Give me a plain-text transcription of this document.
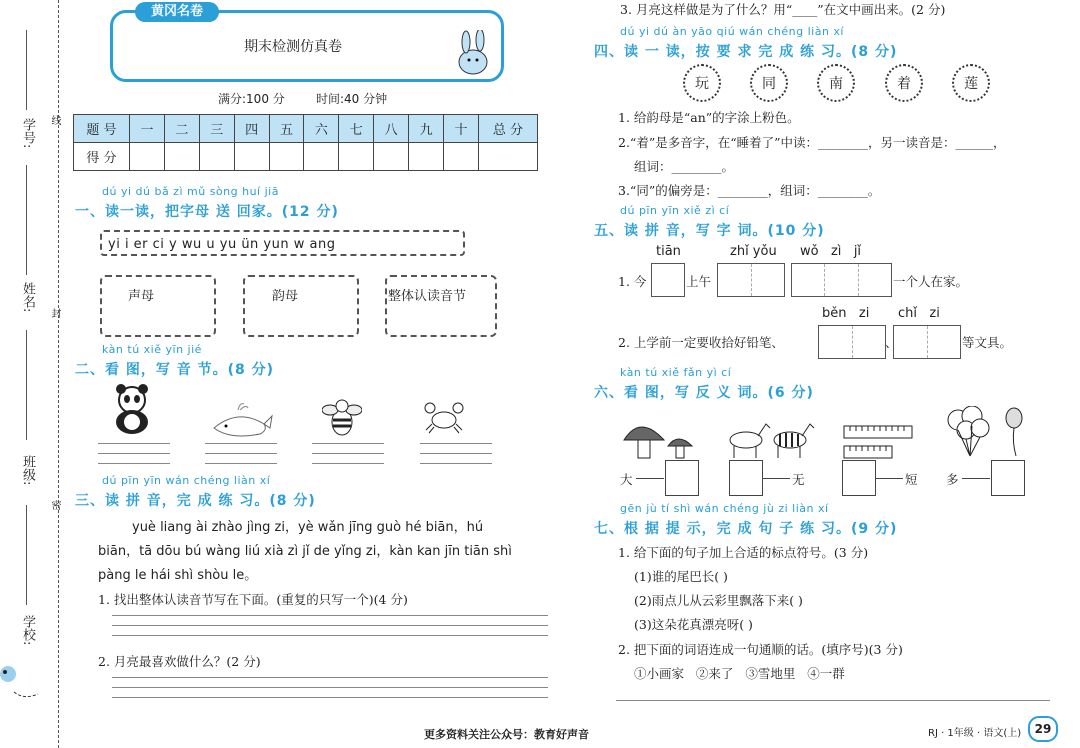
学号:
姓名:
班级:
学校:
线
封
密
黄冈名卷
期末检测仿真卷
满分:100 分	时间:40 分钟
题 号	一	二	三	四	五	六	七	八	九	十	总 分
得 分											
dú yi dú bǎ zì mǔ sòng huí jiā
一、读一读，把字母 送 回家。(12 分)
yi i er ci y wu u yu ün yun w ang
声母	韵母	整体认读音节
kàn tú xiě yīn jié
二、看 图，写 音 节。(8 分)
dú pīn yīn wán chéng liàn xí
三、读 拼 音，完 成 练 习。(8 分)
yuè liang ài zhào jìng zi，yè wǎn jīng guò hé biān，hú
biān，tā dōu bú wàng liú xià zì jǐ de yǐng zi，kàn kan jīn tiān shì
pàng le hái shì shòu le。
1. 找出整体认读音节写在下面。(重复的只写一个)(4 分)
2. 月亮最喜欢做什么？(2 分)
3. 月亮这样做是为了什么？用“____”在文中画出来。(2 分)
dú yi dú àn yāo qiú wán chéng liàn xí
四、读 一 读，按 要 求 完 成 练 习。(8 分)
玩	同	南	着	莲
1. 给韵母是“an”的字涂上粉色。
2.“着”是多音字，在“睡着了”中读：________，另一读音是：______，
组词：________。
3.“同”的偏旁是：________，组词：________。
dú pīn yīn xiě zì cí
五、读 拼 音，写 字 词。(10 分)
tiān	zhǐ yǒu wǒ   zì   jǐ
1. 今	上午	一个人在家。
běn   zi chǐ   zi
2. 上学前一定要收拾好铅笔、	、	等文具。
kàn tú xiě fǎn yì cí
六、看 图，写 反 义 词。(6 分)
大	无	短 多
gēn jù tí shì wán chéng jù zi liàn xí
七、根 据 提 示，完 成 句 子 练 习。(9 分)
1. 给下面的句子加上合适的标点符号。(3 分)
(1)谁的尾巴长( )
(2)雨点儿从云彩里飘落下来( )
(3)这朵花真漂亮呀( )
2. 把下面的词语连成一句通顺的话。(填序号)(3 分)
①小画家   ②来了   ③雪地里   ④一群
更多资料关注公众号：教育好声音	RJ · 1年级 · 语文(上)	29
